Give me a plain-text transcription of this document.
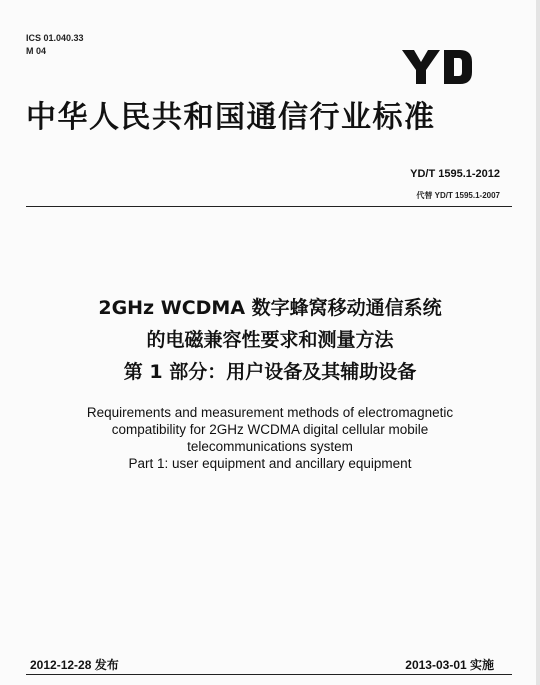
ICS 01.040.33
M 04
中华人民共和国通信行业标准
YD/T 1595.1-2012
代替 YD/T 1595.1-2007
2GHz WCDMA 数字蜂窝移动通信系统
的电磁兼容性要求和测量方法
第 1 部分：用户设备及其辅助设备
Requirements and measurement methods of electromagnetic
compatibility for 2GHz WCDMA digital cellular mobile
telecommunications system
Part 1: user equipment and ancillary equipment
2012-12-28 发布	2013-03-01 实施
